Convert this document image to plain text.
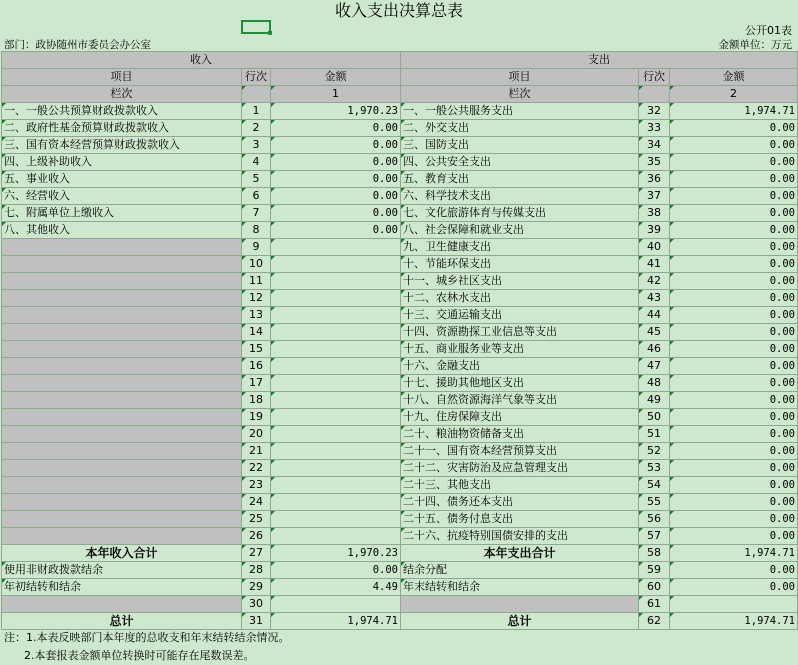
收入支出决算总表
公开01表
部门：政协随州市委员会办公室	金额单位：万元
收入			支出		
项目	行次	金额	项目	行次	金额
栏次		1	栏次		2
一、一般公共预算财政拨款收入	1	1,970.23	一、一般公共服务支出	32	1,974.71
二、政府性基金预算财政拨款收入	2	0.00	二、外交支出	33	0.00
三、国有资本经营预算财政拨款收入	3	0.00	三、国防支出	34	0.00
四、上级补助收入	4	0.00	四、公共安全支出	35	0.00
五、事业收入	5	0.00	五、教育支出	36	0.00
六、经营收入	6	0.00	六、科学技术支出	37	0.00
七、附属单位上缴收入	7	0.00	七、文化旅游体育与传媒支出	38	0.00
八、其他收入	8	0.00	八、社会保障和就业支出	39	0.00
	9		九、卫生健康支出	40	0.00
	10		十、节能环保支出	41	0.00
	11		十一、城乡社区支出	42	0.00
	12		十二、农林水支出	43	0.00
	13		十三、交通运输支出	44	0.00
	14		十四、资源勘探工业信息等支出	45	0.00
	15		十五、商业服务业等支出	46	0.00
	16		十六、金融支出	47	0.00
	17		十七、援助其他地区支出	48	0.00
	18		十八、自然资源海洋气象等支出	49	0.00
	19		十九、住房保障支出	50	0.00
	20		二十、粮油物资储备支出	51	0.00
	21		二十一、国有资本经营预算支出	52	0.00
	22		二十二、灾害防治及应急管理支出	53	0.00
	23		二十三、其他支出	54	0.00
	24		二十四、债务还本支出	55	0.00
	25		二十五、债务付息支出	56	0.00
	26		二十六、抗疫特别国债安排的支出	57	0.00
本年收入合计	27	1,970.23	本年支出合计	58	1,974.71
使用非财政拨款结余	28	0.00	结余分配	59	0.00
年初结转和结余	29	4.49	年末结转和结余	60	0.00
	30			61	
总计	31	1,974.71	总计	62	1,974.71
注：1.本表反映部门本年度的总收支和年末结转结余情况。
2.本套报表金额单位转换时可能存在尾数误差。
